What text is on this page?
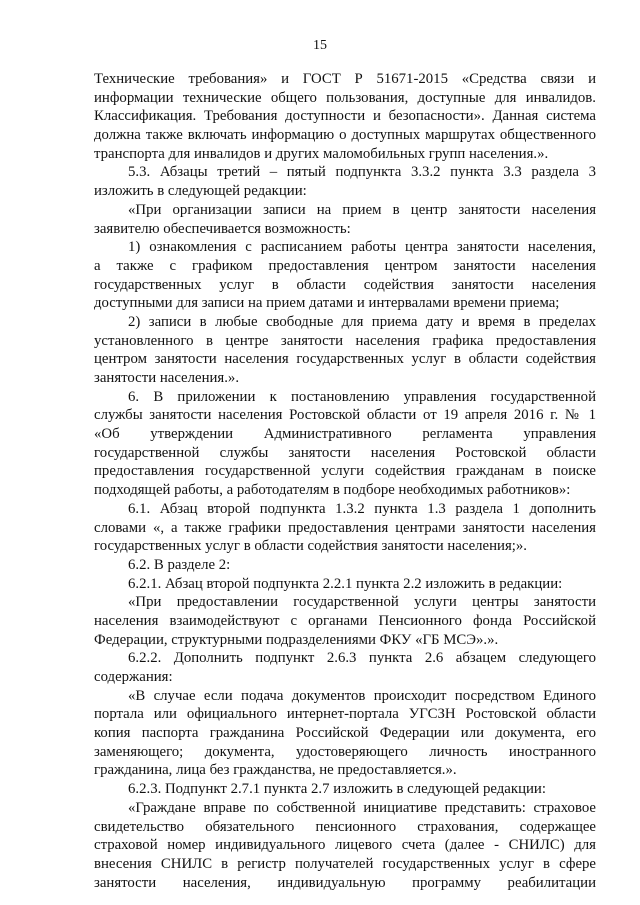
15
Технические требования» и ГОСТ Р 51671-2015 «Средства связи и
информации технические общего пользования, доступные для инвалидов.
Классификация. Требования доступности и безопасности». Данная система
должна также включать информацию о доступных маршрутах общественного
транспорта для инвалидов и других маломобильных групп населения.».
5.3. Абзацы третий – пятый подпункта 3.3.2 пункта 3.3 раздела 3
изложить в следующей редакции:
«При организации записи на прием в центр занятости населения
заявителю обеспечивается возможность:
1) ознакомления с расписанием работы центра занятости населения,
а также с графиком предоставления центром занятости населения
государственных услуг в области содействия занятости населения
доступными для записи на прием датами и интервалами времени приема;
2) записи в любые свободные для приема дату и время в пределах
установленного в центре занятости населения графика предоставления
центром занятости населения государственных услуг в области содействия
занятости населения.».
6. В приложении к постановлению управления государственной
службы занятости населения Ростовской области от 19 апреля 2016 г. № 1
«Об утверждении Административного регламента управления
государственной службы занятости населения Ростовской области
предоставления государственной услуги содействия гражданам в поиске
подходящей работы, а работодателям в подборе необходимых работников»:
6.1. Абзац второй подпункта 1.3.2 пункта 1.3 раздела 1 дополнить
словами «, а также графики предоставления центрами занятости населения
государственных услуг в области содействия занятости населения;».
6.2. В разделе 2:
6.2.1. Абзац второй подпункта 2.2.1 пункта 2.2 изложить в редакции:
«При предоставлении государственной услуги центры занятости
населения взаимодействуют с органами Пенсионного фонда Российской
Федерации, структурными подразделениями ФКУ «ГБ МСЭ».».
6.2.2. Дополнить подпункт 2.6.3 пункта 2.6 абзацем следующего
содержания:
«В случае если подача документов происходит посредством Единого
портала или официального интернет-портала УГСЗН Ростовской области
копия паспорта гражданина Российской Федерации или документа, его
заменяющего; документа, удостоверяющего личность иностранного
гражданина, лица без гражданства, не предоставляется.».
6.2.3. Подпункт 2.7.1 пункта 2.7 изложить в следующей редакции:
«Граждане вправе по собственной инициативе представить: страховое
свидетельство обязательного пенсионного страхования, содержащее
страховой номер индивидуального лицевого счета (далее - СНИЛС) для
внесения СНИЛС в регистр получателей государственных услуг в сфере
занятости населения, индивидуальную программу реабилитации
